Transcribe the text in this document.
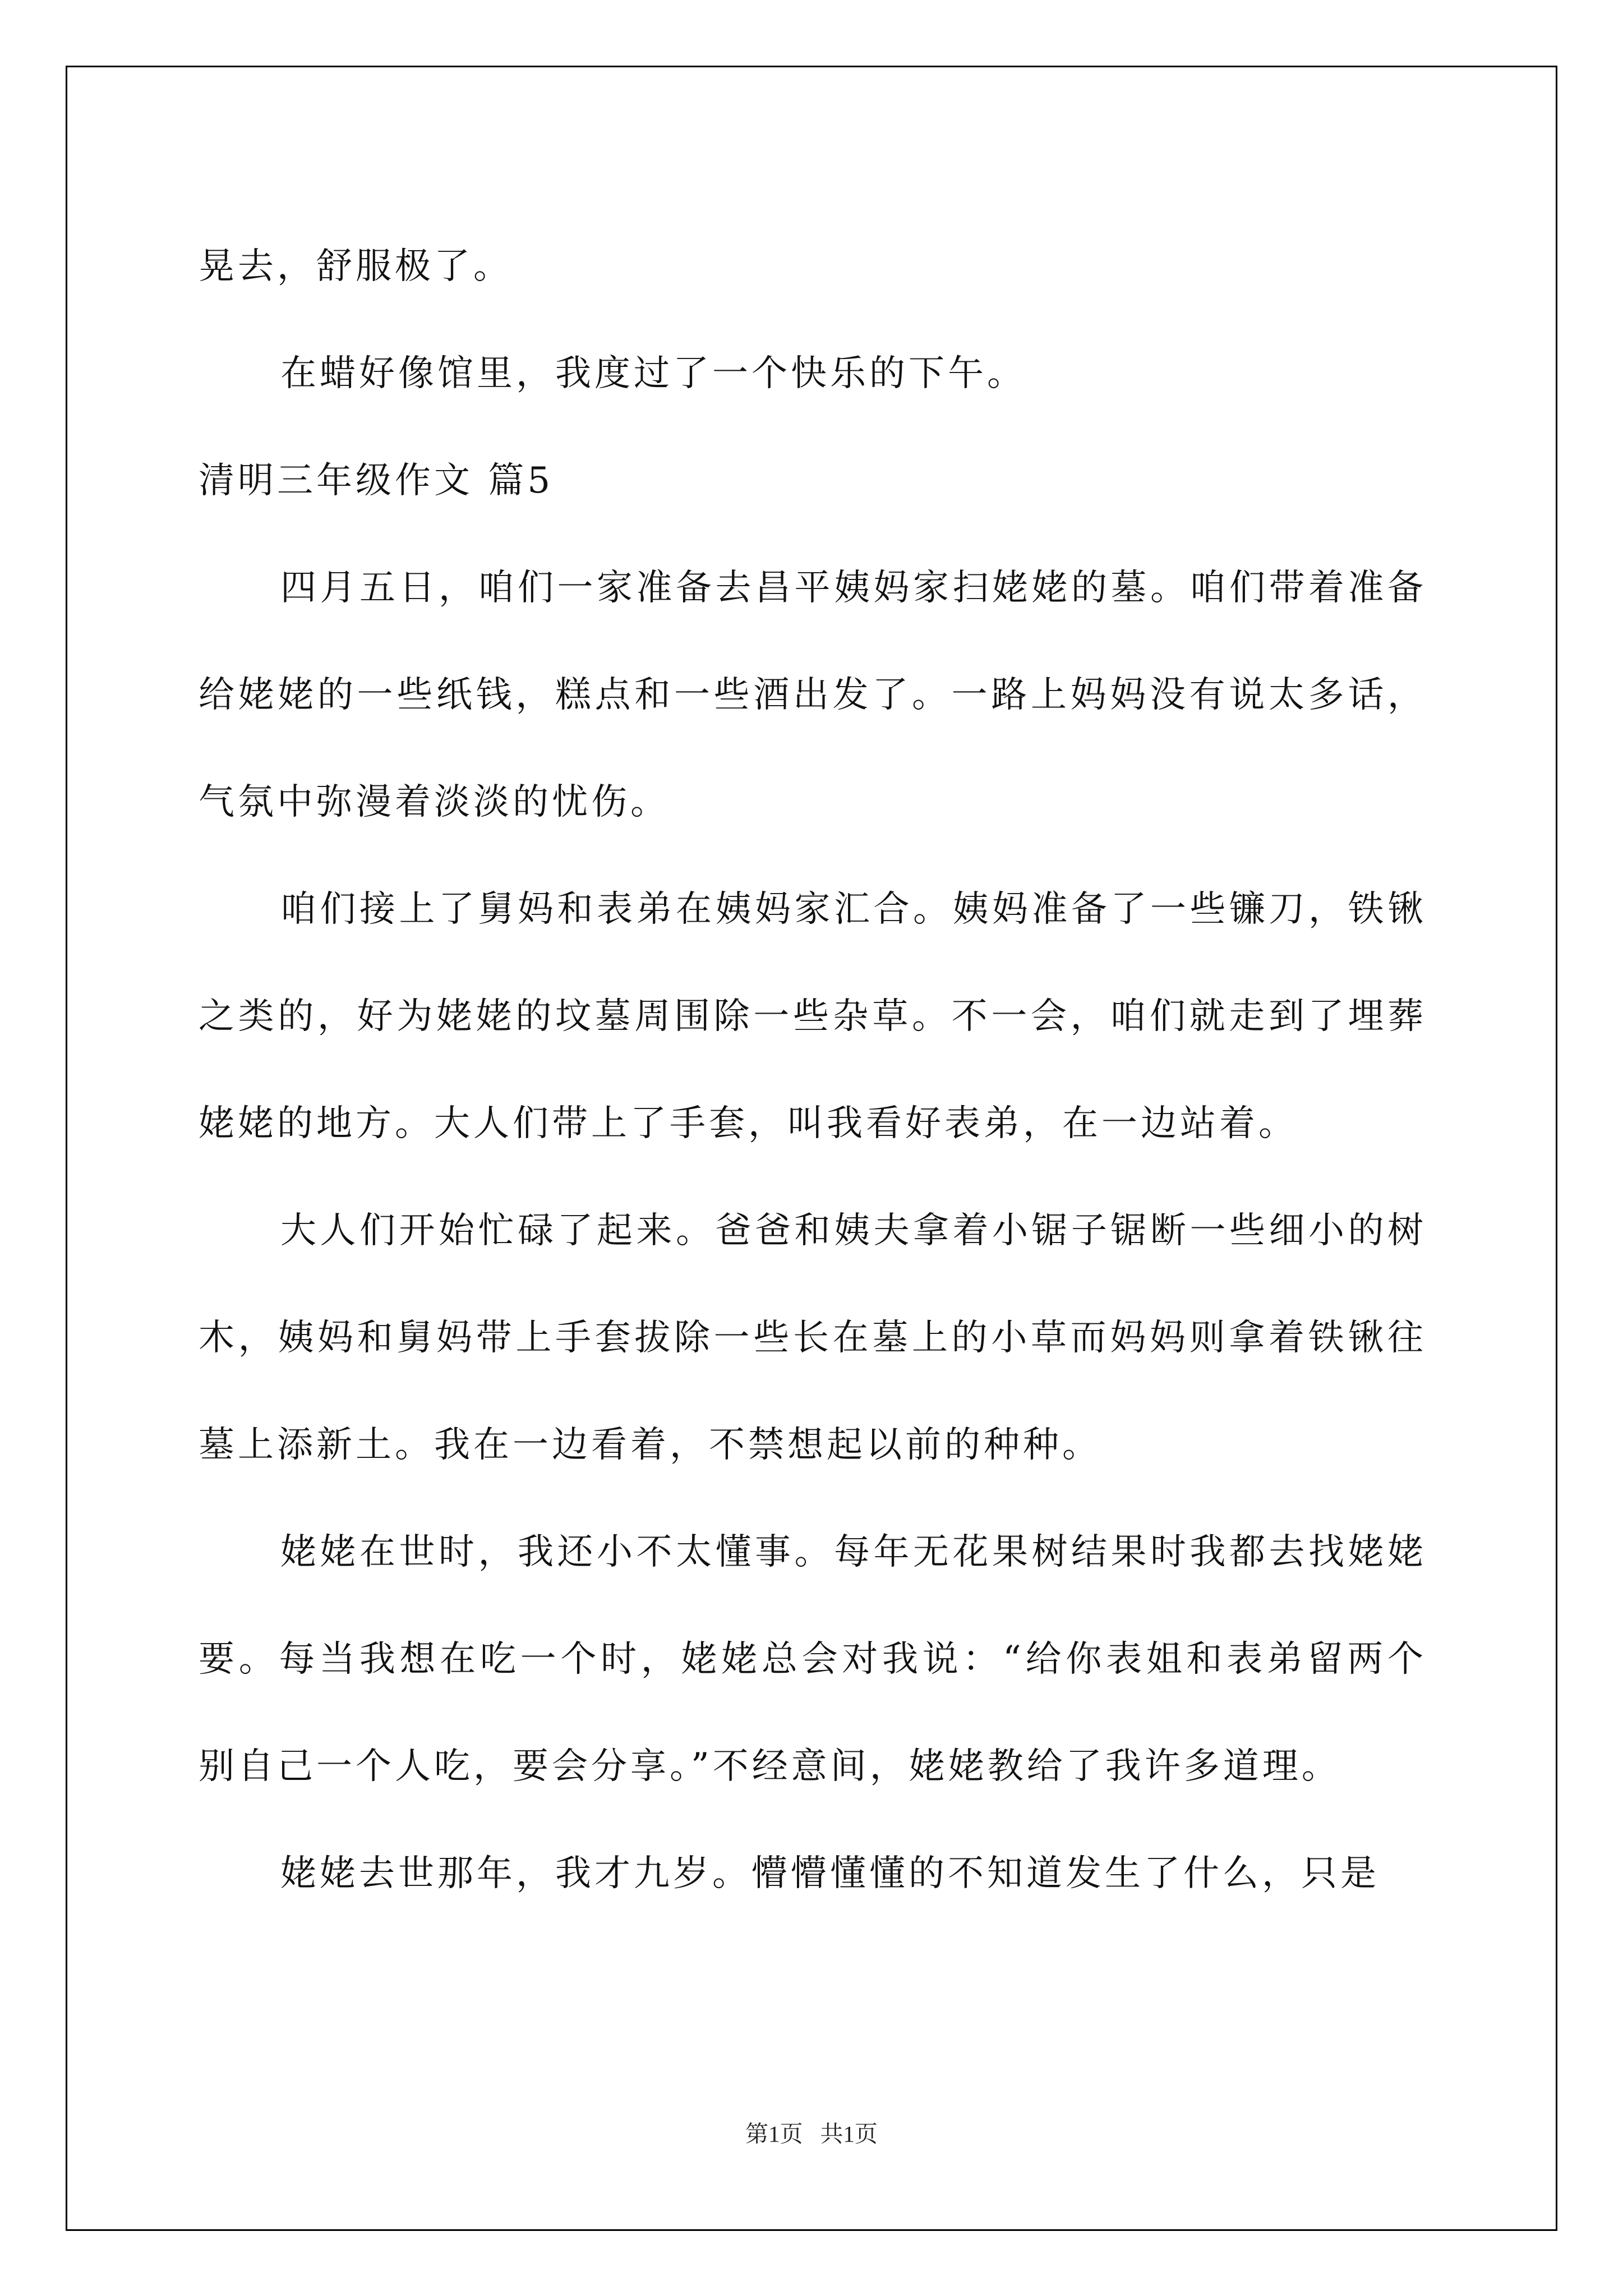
晃去，舒服极了。

在蜡好像馆里，我度过了一个快乐的下午。

清明三年级作文 篇5

四月五日，咱们一家准备去昌平姨妈家扫姥姥的墓。咱们带着准备给姥姥的一些纸钱，糕点和一些酒出发了。一路上妈妈没有说太多话，气氛中弥漫着淡淡的忧伤。

咱们接上了舅妈和表弟在姨妈家汇合。姨妈准备了一些镰刀，铁锹之类的，好为姥姥的坟墓周围除一些杂草。不一会，咱们就走到了埋葬姥姥的地方。大人们带上了手套，叫我看好表弟，在一边站着。

大人们开始忙碌了起来。爸爸和姨夫拿着小锯子锯断一些细小的树木，姨妈和舅妈带上手套拔除一些长在墓上的小草而妈妈则拿着铁锹往墓上添新土。我在一边看着，不禁想起以前的种种。

姥姥在世时，我还小不太懂事。每年无花果树结果时我都去找姥姥要。每当我想在吃一个时，姥姥总会对我说：“给你表姐和表弟留两个别自己一个人吃，要会分享。”不经意间，姥姥教给了我许多道理。

姥姥去世那年，我才九岁。懵懵懂懂的不知道发生了什么，只是

第1页   共1页
